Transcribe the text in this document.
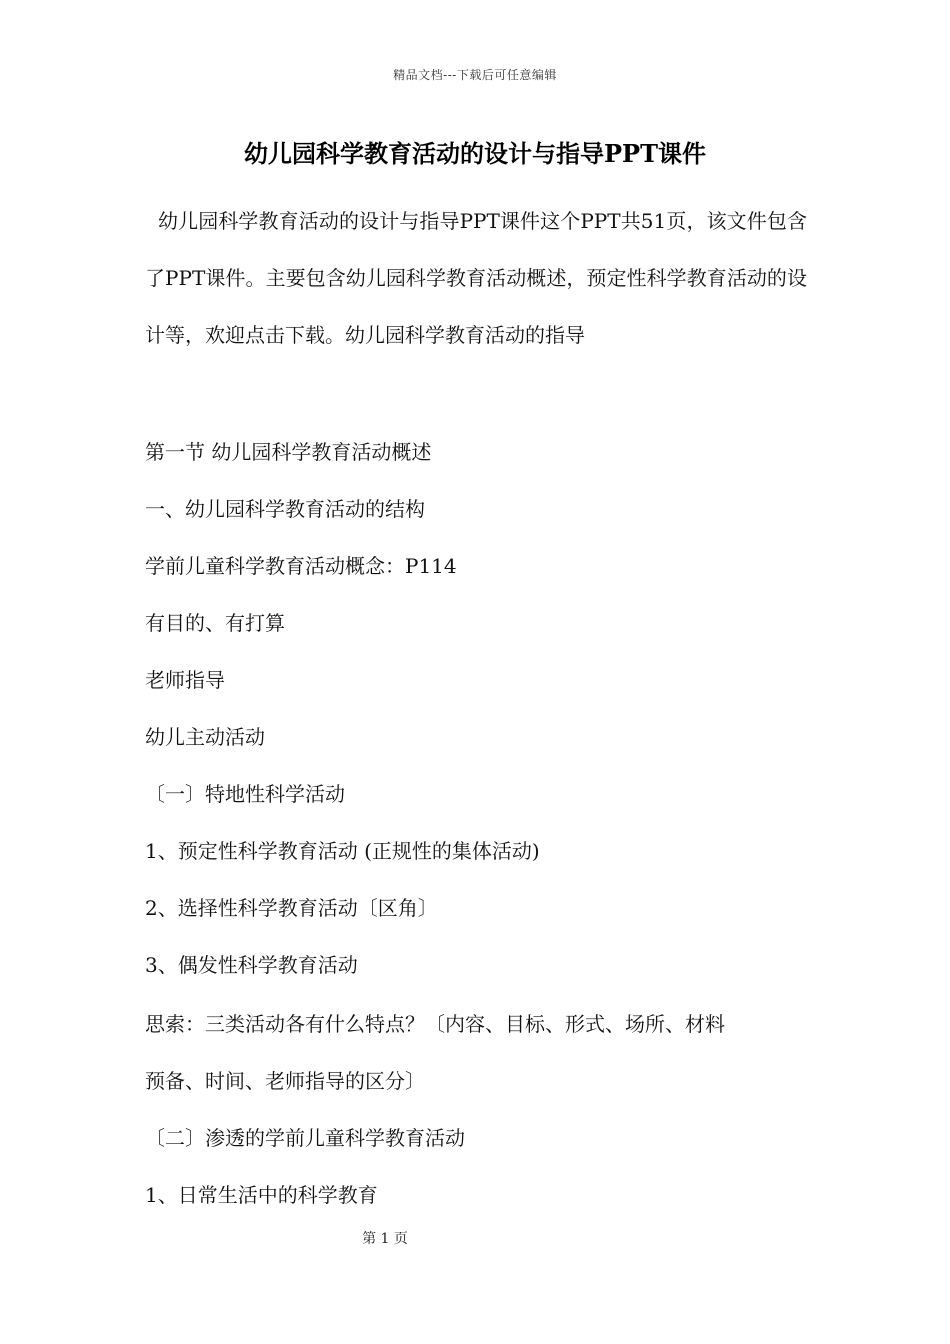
精品文档---下载后可任意编辑
幼儿园科学教育活动的设计与指导PPT课件
幼儿园科学教育活动的设计与指导PPT课件这个PPT共51页，该文件包含了PPT课件。主要包含幼儿园科学教育活动概述，预定性科学教育活动的设计等，欢迎点击下载。幼儿园科学教育活动的指导
第一节 幼儿园科学教育活动概述
一、幼儿园科学教育活动的结构
学前儿童科学教育活动概念：P114
有目的、有打算
老师指导
幼儿主动活动
〔一〕特地性科学活动
1、预定性科学教育活动 (正规性的集体活动)
2、选择性科学教育活动〔区角〕
3、偶发性科学教育活动
思索：三类活动各有什么特点？〔内容、目标、形式、场所、材料
预备、时间、老师指导的区分〕
〔二〕渗透的学前儿童科学教育活动
1、日常生活中的科学教育
第 1 页
